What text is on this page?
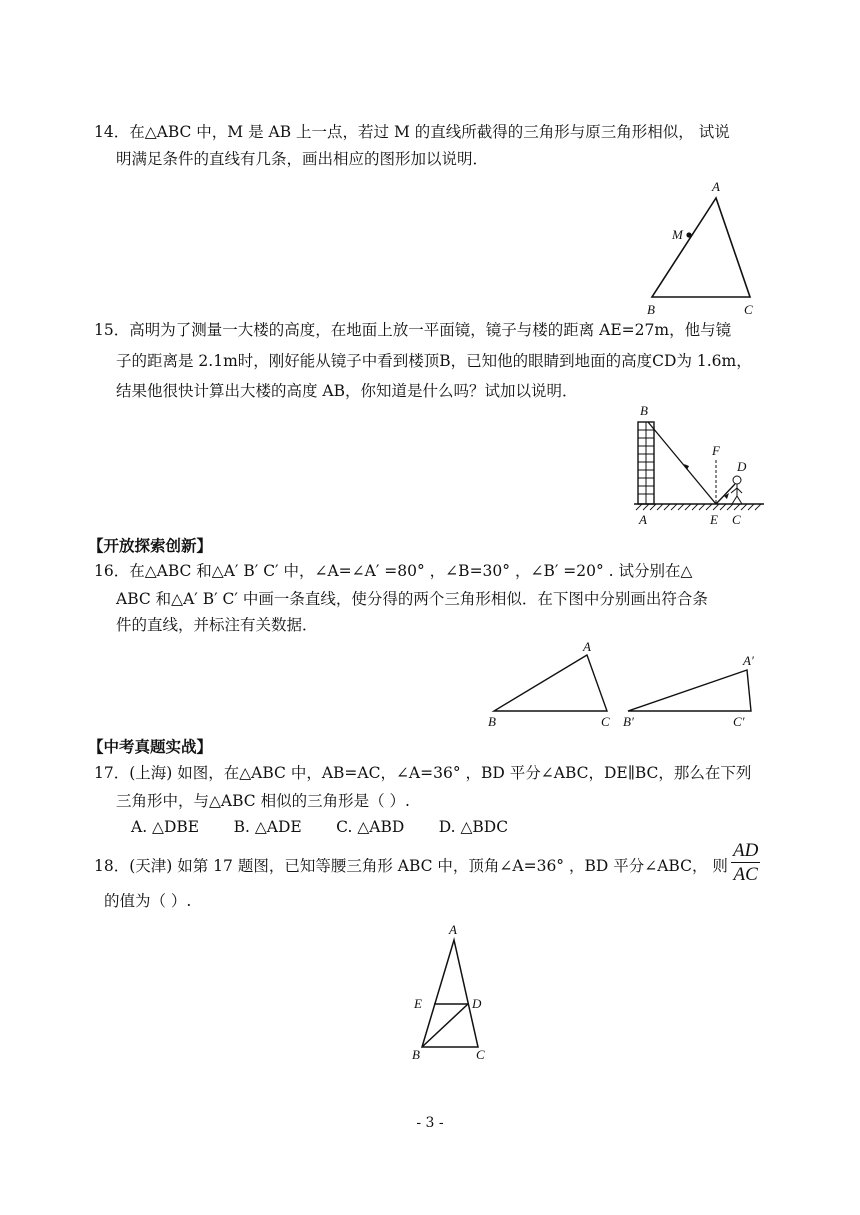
14．在△ABC 中，M 是 AB 上一点，若过 M 的直线所截得的三角形与原三角形相似， 试说
明满足条件的直线有几条，画出相应的图形加以说明．
A
M
B	C
15．高明为了测量一大楼的高度，在地面上放一平面镜，镜子与楼的距离 AE=27m，他与镜
子的距离是 2.1m时，刚好能从镜子中看到楼顶B，已知他的眼睛到地面的高度CD为 1.6m，
结果他很快计算出大楼的高度 AB，你知道是什么吗？试加以说明．
B
F
D
A	E C
【开放探索创新】
16．在△ABC 和△A′ B′ C′ 中，∠A=∠A′ =80° ，∠B=30° ，∠B′ =20° . 试分别在△
ABC 和△A′ B′ C′ 中画一条直线，使分得的两个三角形相似．在下图中分别画出符合条
件的直线，并标注有关数据．
A
B	C
A′
B′	C′
【中考真题实战】
17．(上海) 如图，在△ABC 中，AB=AC，∠A=36° ，BD 平分∠ABC，DE∥BC，那么在下列
三角形中，与△ABC 相似的三角形是（ ）.
A. △DBE       B. △ADE       C. △ABD       D. △BDC
18．(天津) 如第 17 题图，已知等腰三角形 ABC 中，顶角∠A=36° ，BD 平分∠ABC， 则 $\frac{AD}{AC}$
的值为（ ）.
A
E	D
B	C
- 3 -
